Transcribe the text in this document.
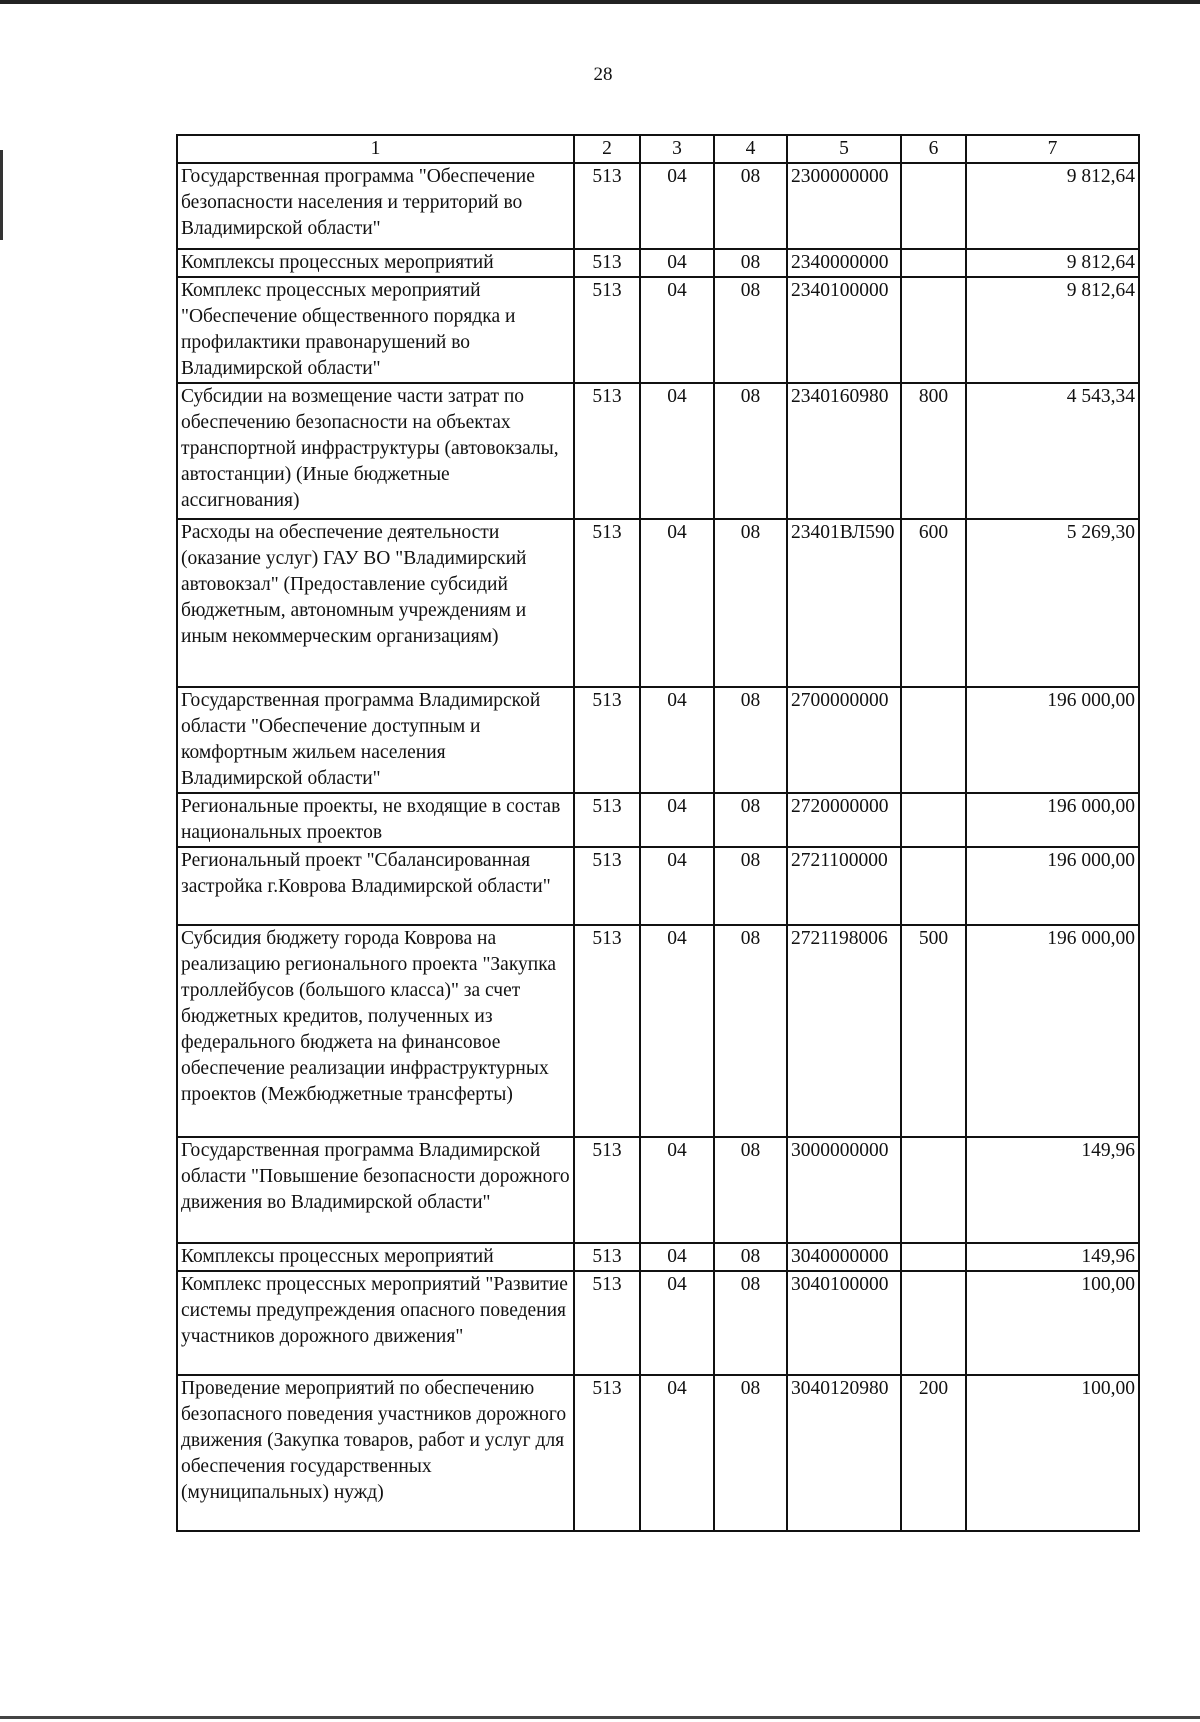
28
1	2	3	4	5	6	7
Государственная программа "Обеспечение безопасности населения и территорий во Владимирской области"	513	04	08	2300000000		9 812,64
Комплексы процессных мероприятий	513	04	08	2340000000		9 812,64
Комплекс процессных мероприятий "Обеспечение общественного порядка и профилактики правонарушений во Владимирской области"	513	04	08	2340100000		9 812,64
Субсидии на возмещение части затрат по обеспечению безопасности на объектах транспортной инфраструктуры (автовокзалы, автостанции) (Иные бюджетные ассигнования)	513	04	08	2340160980	800	4 543,34
Расходы на обеспечение деятельности (оказание услуг) ГАУ ВО "Владимирский автовокзал" (Предоставление субсидий бюджетным, автономным учреждениям и иным некоммерческим организациям)	513	04	08	23401ВЛ590	600	5 269,30
Государственная программа Владимирской области "Обеспечение доступным и комфортным жильем населения Владимирской области"	513	04	08	2700000000		196 000,00
Региональные проекты, не входящие в состав национальных проектов	513	04	08	2720000000		196 000,00
Региональный проект "Сбалансированная застройка г.Коврова Владимирской области"	513	04	08	2721100000		196 000,00
Субсидия бюджету города Коврова на реализацию регионального проекта "Закупка троллейбусов (большого класса)" за счет бюджетных кредитов, полученных из федерального бюджета на финансовое обеспечение реализации инфраструктурных проектов (Межбюджетные трансферты)	513	04	08	2721198006	500	196 000,00
Государственная программа Владимирской области "Повышение безопасности дорожного движения во Владимирской области"	513	04	08	3000000000		149,96
Комплексы процессных мероприятий	513	04	08	3040000000		149,96
Комплекс процессных мероприятий "Развитие системы предупреждения опасного поведения участников дорожного движения"	513	04	08	3040100000		100,00
Проведение мероприятий по обеспечению безопасного поведения участников дорожного движения (Закупка товаров, работ и услуг для обеспечения государственных (муниципальных) нужд)	513	04	08	3040120980	200	100,00
